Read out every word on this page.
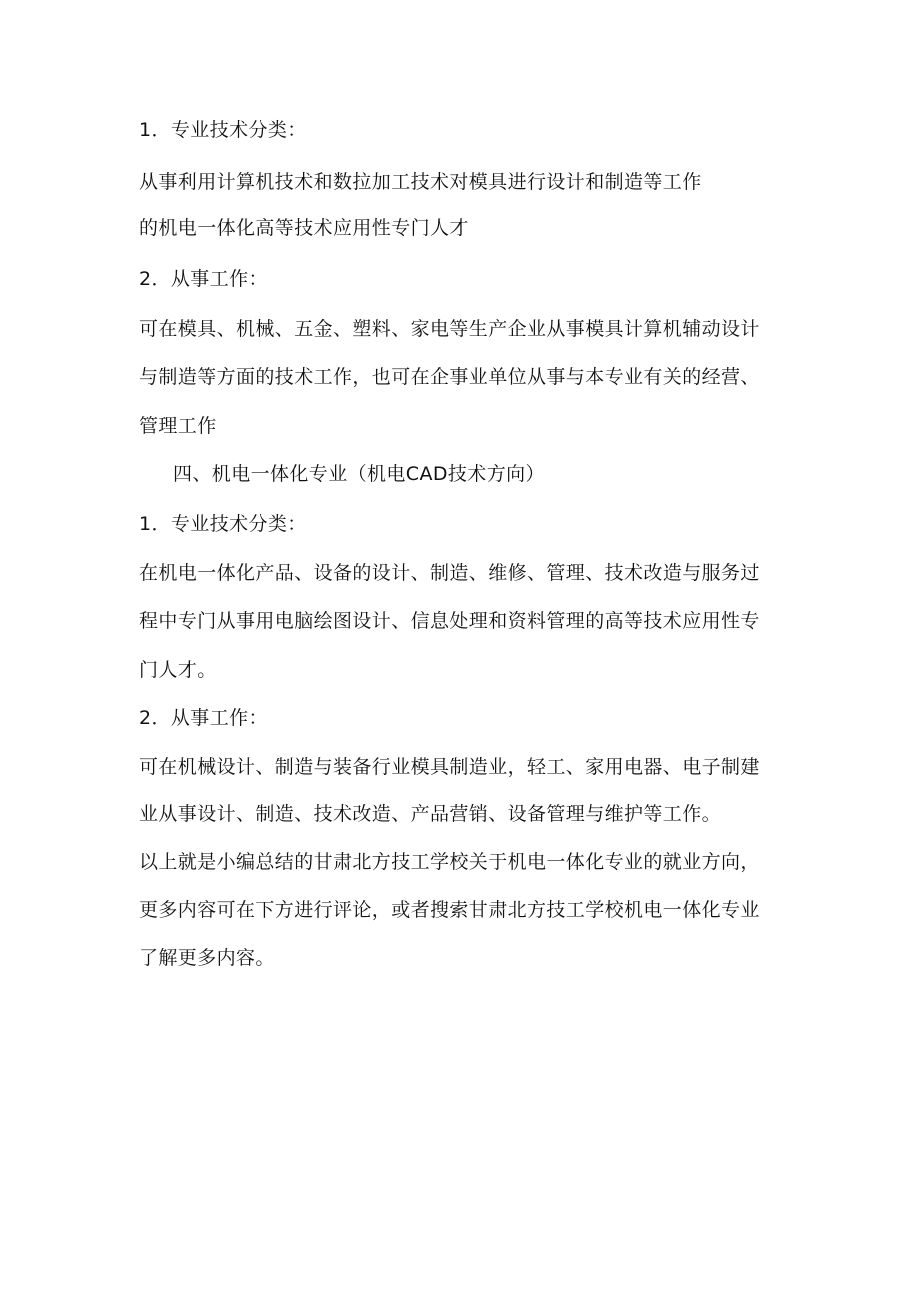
1．专业技术分类：

从事利用计算机技术和数拉加工技术对模具进行设计和制造等工作

的机电一体化高等技术应用性专门人才

2．从事工作：

可在模具、机械、五金、塑料、家电等生产企业从事模具计算机辅动设计

与制造等方面的技术工作，也可在企事业单位从事与本专业有关的经营、

管理工作

四、机电一体化专业（机电CAD技术方向）

1．专业技术分类：

在机电一体化产品、设备的设计、制造、维修、管理、技术改造与服务过

程中专门从事用电脑绘图设计、信息处理和资料管理的高等技术应用性专

门人才。

2．从事工作：

可在机械设计、制造与装备行业模具制造业，轻工、家用电器、电子制建

业从事设计、制造、技术改造、产品营销、设备管理与维护等工作。

以上就是小编总结的甘肃北方技工学校关于机电一体化专业的就业方向，

更多内容可在下方进行评论，或者搜索甘肃北方技工学校机电一体化专业

了解更多内容。
